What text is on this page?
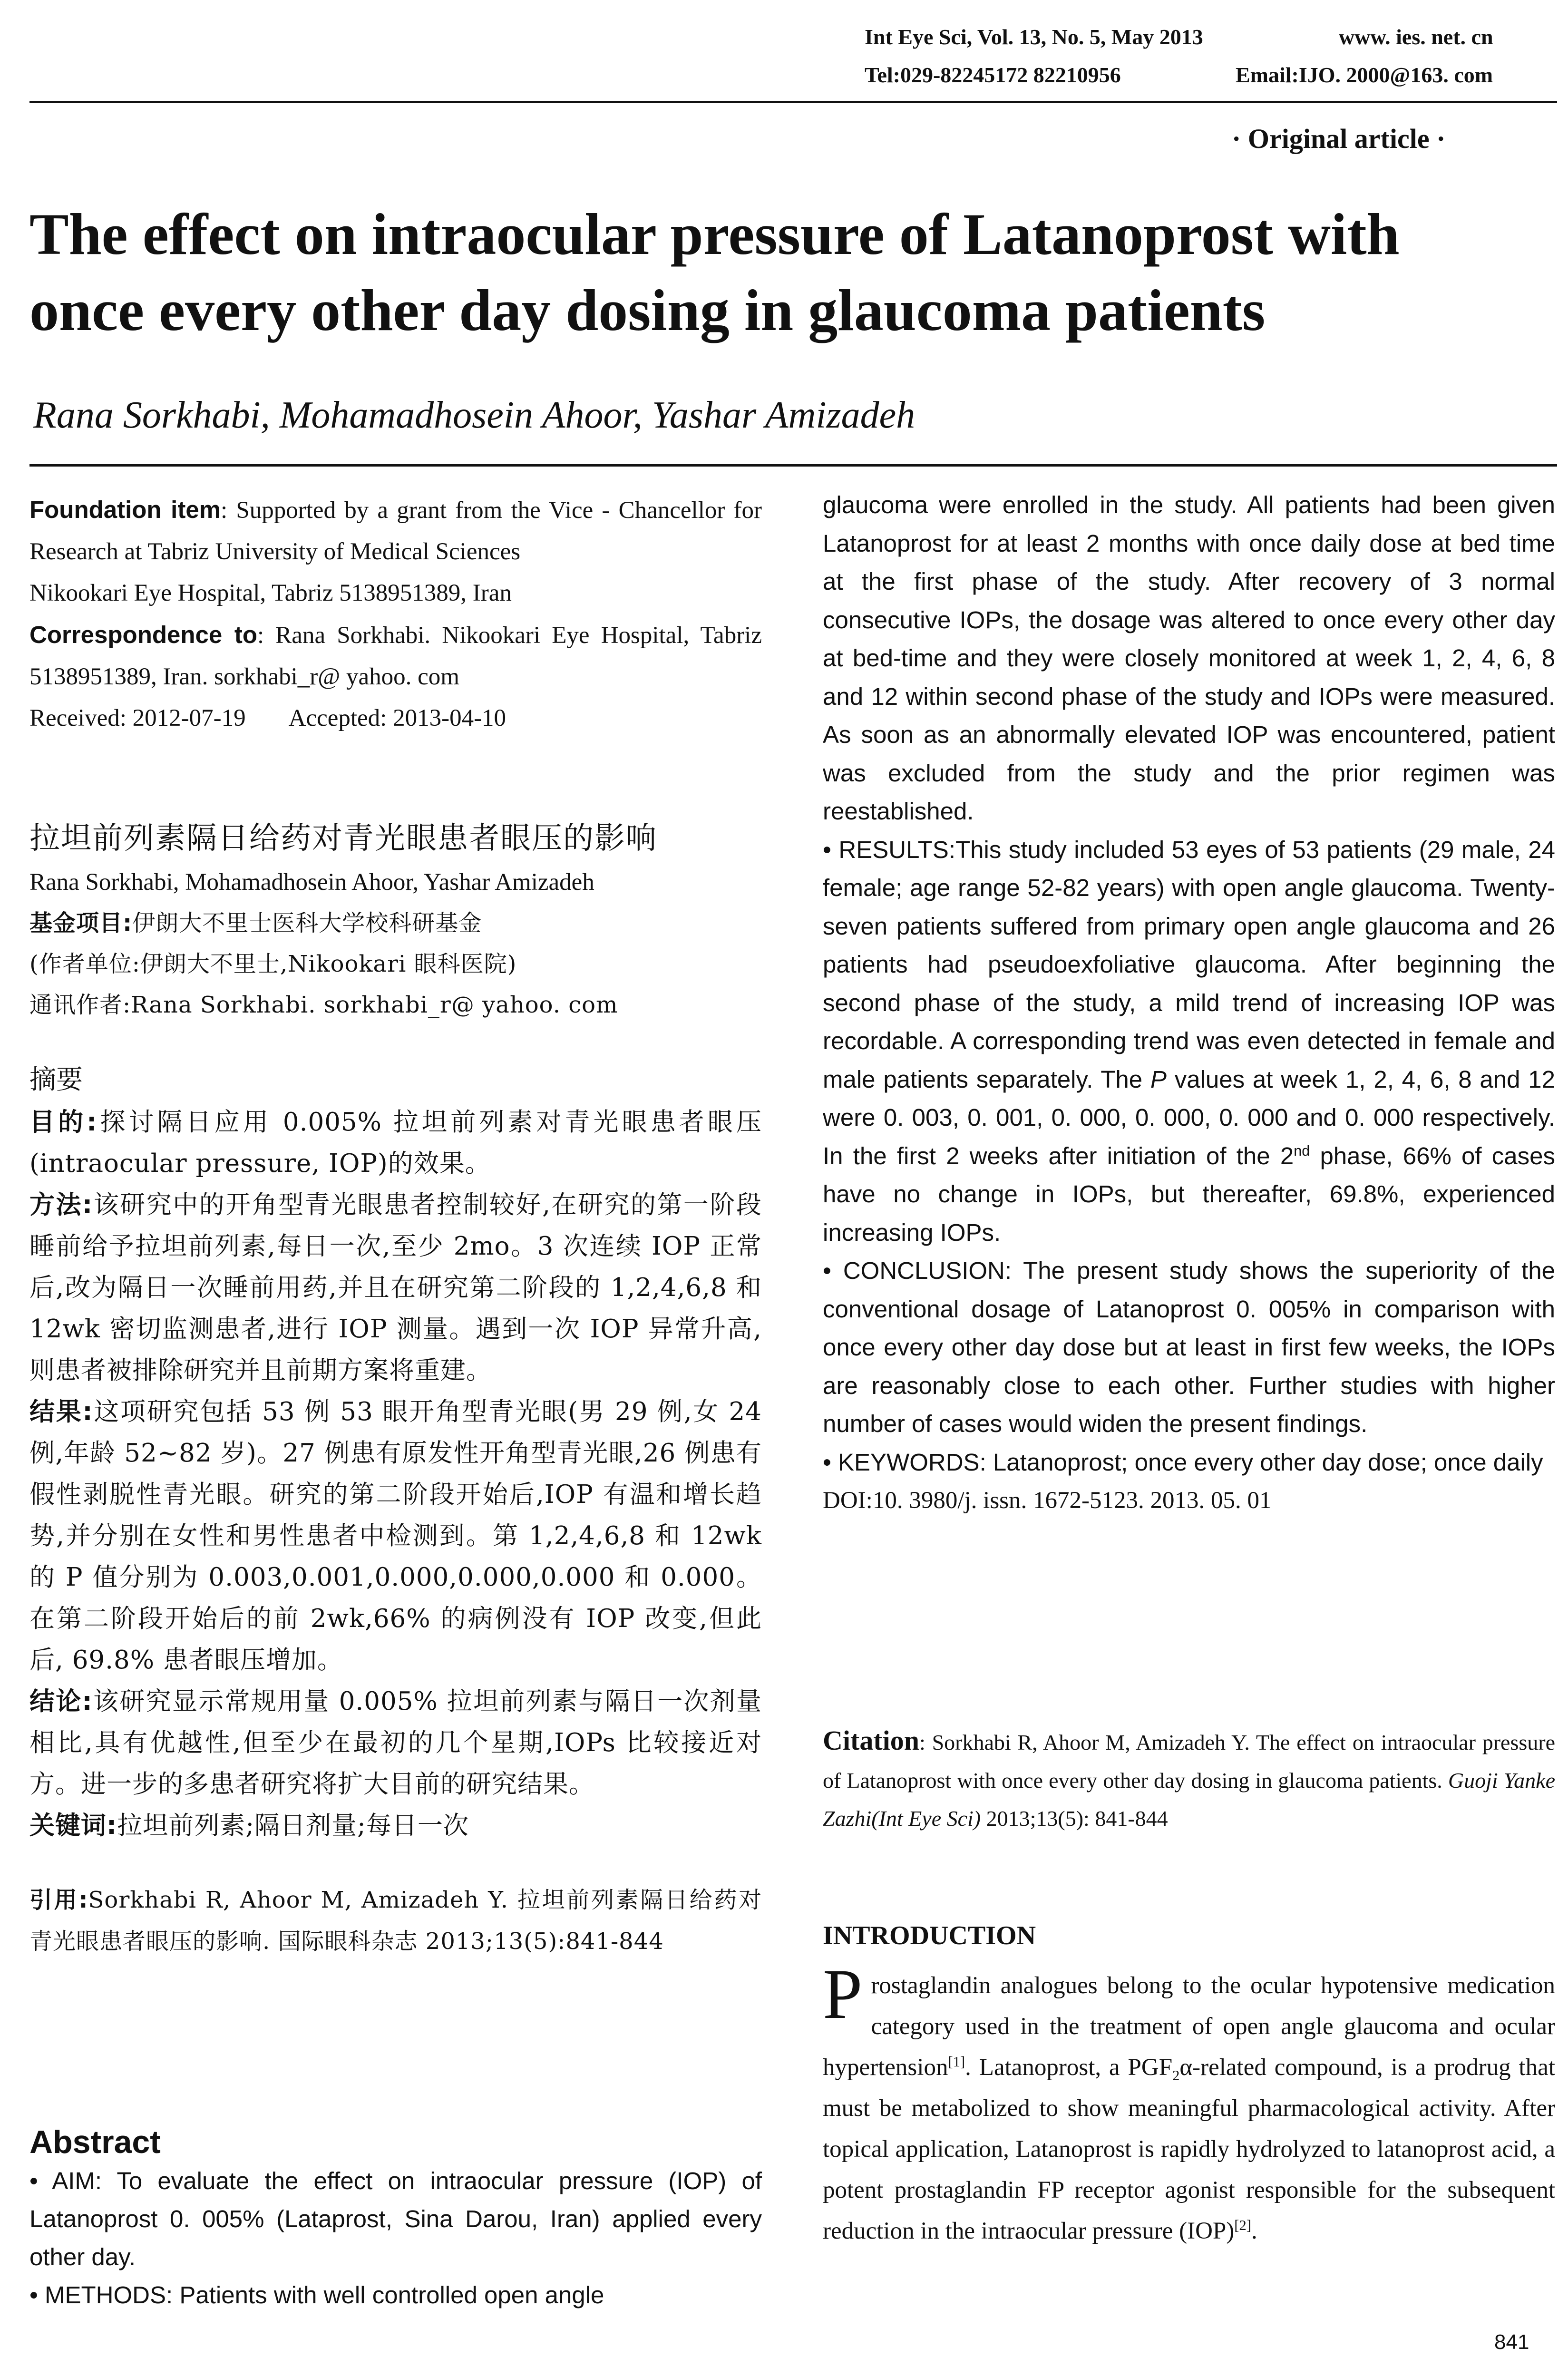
Int Eye Sci, Vol. 13, No. 5, May 2013	www. ies. net. cn
Tel:029-82245172 82210956	Email:IJO. 2000@163. com
· Original article ·
The effect on intraocular pressure of Latanoprost with
once every other day dosing in glaucoma patients
Rana Sorkhabi, Mohamadhosein Ahoor, Yashar Amizadeh
Foundation item: Supported by a grant from the Vice - Chancellor for Research at Tabriz University of Medical Sciences
Nikookari Eye Hospital, Tabriz 5138951389, Iran
Correspondence to: Rana Sorkhabi. Nikookari Eye Hospital, Tabriz 5138951389, Iran. sorkhabi_r@ yahoo. com
Received: 2012-07-19 Accepted: 2013-04-10
拉坦前列素隔日给药对青光眼患者眼压的影响
Rana Sorkhabi, Mohamadhosein Ahoor, Yashar Amizadeh
基金项目:伊朗大不里士医科大学校科研基金
(作者单位:伊朗大不里士,Nikookari 眼科医院)
通讯作者:Rana Sorkhabi. sorkhabi_r@ yahoo. com
摘要
目的:探讨隔日应用 0.005% 拉坦前列素对青光眼患者眼压(intraocular pressure, IOP)的效果。
方法:该研究中的开角型青光眼患者控制较好,在研究的第一阶段睡前给予拉坦前列素,每日一次,至少 2mo。3 次连续 IOP 正常后,改为隔日一次睡前用药,并且在研究第二阶段的 1,2,4,6,8 和 12wk 密切监测患者,进行 IOP 测量。遇到一次 IOP 异常升高,则患者被排除研究并且前期方案将重建。
结果:这项研究包括 53 例 53 眼开角型青光眼(男 29 例,女 24 例,年龄 52~82 岁)。27 例患有原发性开角型青光眼,26 例患有假性剥脱性青光眼。研究的第二阶段开始后,IOP 有温和增长趋势,并分别在女性和男性患者中检测到。第 1,2,4,6,8 和 12wk 的 P 值分别为 0.003,0.001,0.000,0.000,0.000 和 0.000。在第二阶段开始后的前 2wk,66% 的病例没有 IOP 改变,但此后, 69.8% 患者眼压增加。
结论:该研究显示常规用量 0.005% 拉坦前列素与隔日一次剂量相比,具有优越性,但至少在最初的几个星期,IOPs 比较接近对方。进一步的多患者研究将扩大目前的研究结果。
关键词:拉坦前列素;隔日剂量;每日一次
引用:Sorkhabi R, Ahoor M, Amizadeh Y. 拉坦前列素隔日给药对青光眼患者眼压的影响. 国际眼科杂志 2013;13(5):841-844
Abstract
• AIM: To evaluate the effect on intraocular pressure (IOP) of Latanoprost 0. 005% (Lataprost, Sina Darou, Iran) applied every other day.
• METHODS: Patients with well controlled open angle
glaucoma were enrolled in the study. All patients had been given Latanoprost for at least 2 months with once daily dose at bed time at the first phase of the study. After recovery of 3 normal consecutive IOPs, the dosage was altered to once every other day at bed-time and they were closely monitored at week 1, 2, 4, 6, 8 and 12 within second phase of the study and IOPs were measured. As soon as an abnormally elevated IOP was encountered, patient was excluded from the study and the prior regimen was reestablished.
• RESULTS:This study included 53 eyes of 53 patients (29 male, 24 female; age range 52-82 years) with open angle glaucoma. Twenty-seven patients suffered from primary open angle glaucoma and 26 patients had pseudoexfoliative glaucoma. After beginning the second phase of the study, a mild trend of increasing IOP was recordable. A corresponding trend was even detected in female and male patients separately. The P values at week 1, 2, 4, 6, 8 and 12 were 0. 003, 0. 001, 0. 000, 0. 000, 0. 000 and 0. 000 respectively. In the first 2 weeks after initiation of the 2nd phase, 66% of cases have no change in IOPs, but thereafter, 69.8%, experienced increasing IOPs.
• CONCLUSION: The present study shows the superiority of the conventional dosage of Latanoprost 0. 005% in comparison with once every other day dose but at least in first few weeks, the IOPs are reasonably close to each other. Further studies with higher number of cases would widen the present findings.
• KEYWORDS: Latanoprost; once every other day dose; once daily
DOI:10. 3980/j. issn. 1672-5123. 2013. 05. 01
Citation: Sorkhabi R, Ahoor M, Amizadeh Y. The effect on intraocular pressure of Latanoprost with once every other day dosing in glaucoma patients. Guoji Yanke Zazhi(Int Eye Sci) 2013;13(5): 841-844
INTRODUCTION
Prostaglandin analogues belong to the ocular hypotensive medication category used in the treatment of open angle glaucoma and ocular hypertension[1]. Latanoprost, a $PGF_2\alpha$-related compound, is a prodrug that must be metabolized to show meaningful pharmacological activity. After topical application, Latanoprost is rapidly hydrolyzed to latanoprost acid, a potent prostaglandin FP receptor agonist responsible for the subsequent reduction in the intraocular pressure (IOP)[2].
841
